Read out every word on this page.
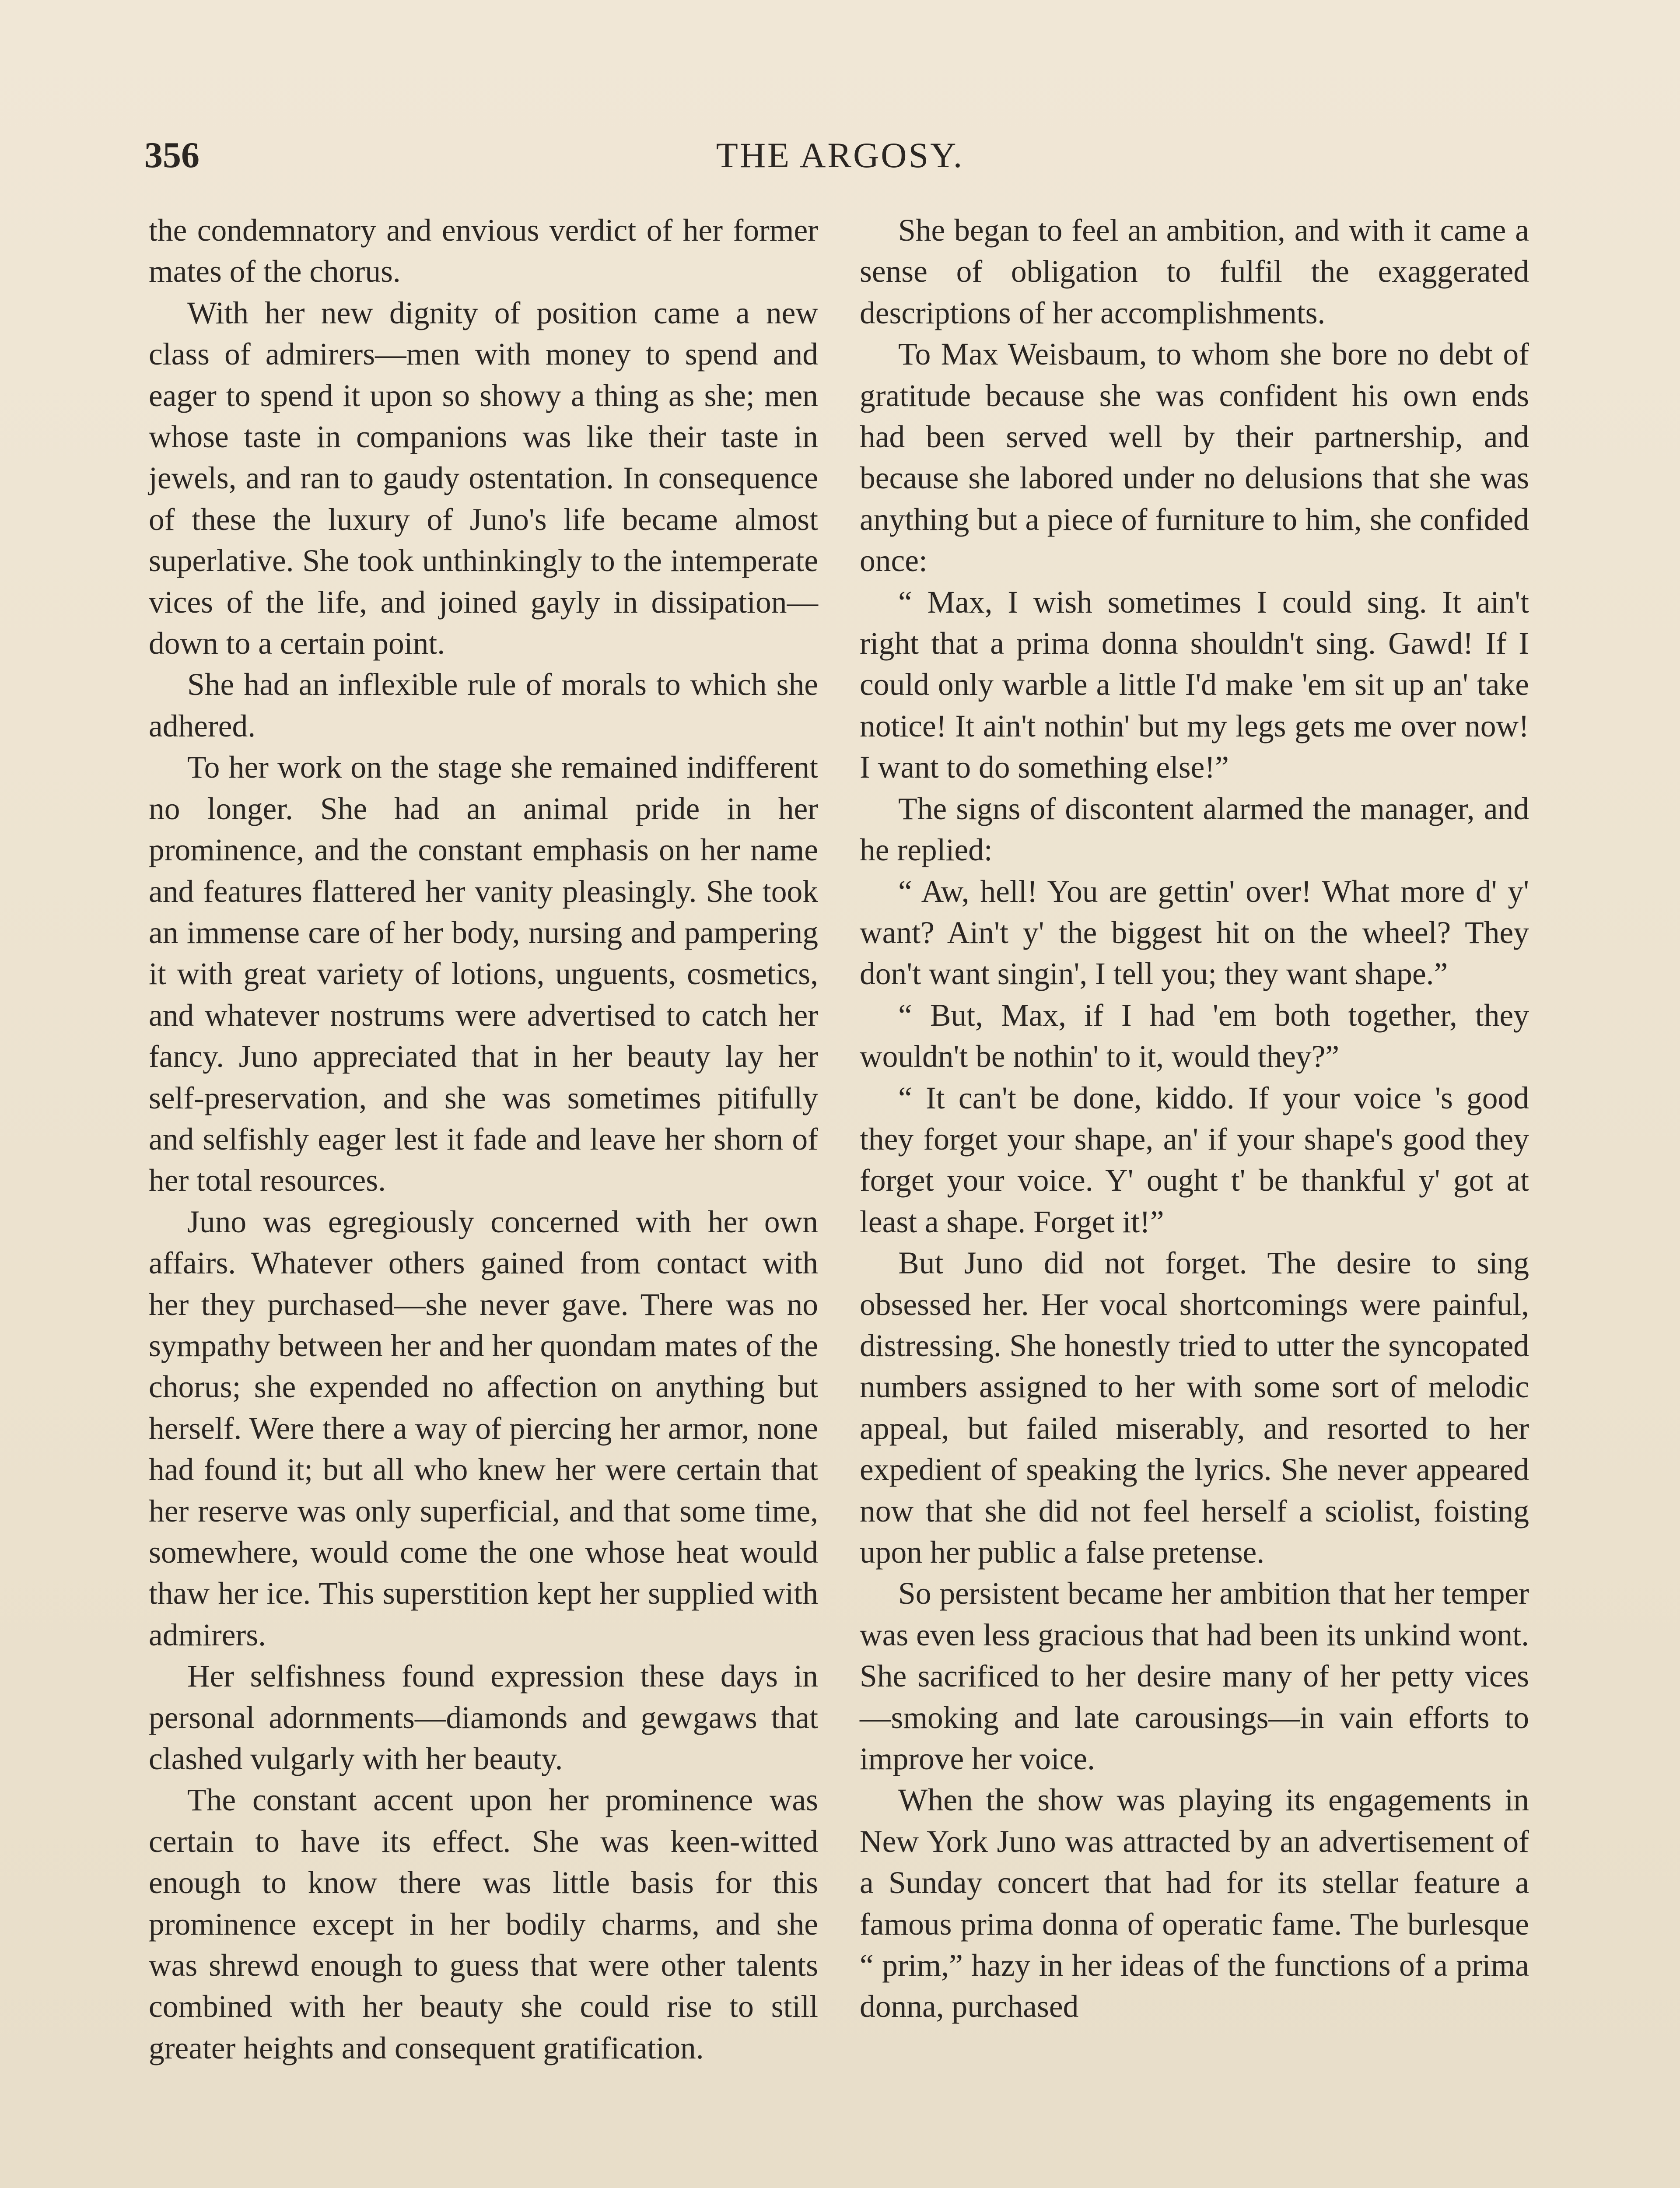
356	THE ARGOSY.

the condemnatory and envious verdict of her former mates of the chorus.

With her new dignity of position came a new class of admirers—men with money to spend and eager to spend it upon so showy a thing as she; men whose taste in companions was like their taste in jewels, and ran to gaudy ostentation. In consequence of these the luxury of Juno's life became almost superlative. She took unthinkingly to the intemperate vices of the life, and joined gayly in dissipation—down to a certain point.

She had an inflexible rule of morals to which she adhered.

To her work on the stage she remained indifferent no longer. She had an animal pride in her prominence, and the constant emphasis on her name and features flattered her vanity pleasingly. She took an immense care of her body, nursing and pampering it with great variety of lotions, unguents, cosmetics, and whatever nostrums were advertised to catch her fancy. Juno appreciated that in her beauty lay her self-preservation, and she was sometimes pitifully and selfishly eager lest it fade and leave her shorn of her total resources.

Juno was egregiously concerned with her own affairs. Whatever others gained from contact with her they purchased—she never gave. There was no sympathy between her and her quondam mates of the chorus; she expended no affection on anything but herself. Were there a way of piercing her armor, none had found it; but all who knew her were certain that her reserve was only superficial, and that some time, somewhere, would come the one whose heat would thaw her ice. This superstition kept her supplied with admirers.

Her selfishness found expression these days in personal adornments—diamonds and gewgaws that clashed vulgarly with her beauty.

The constant accent upon her prominence was certain to have its effect. She was keen-witted enough to know there was little basis for this prominence except in her bodily charms, and she was shrewd enough to guess that were other talents combined with her beauty she could rise to still greater heights and consequent gratification.

She began to feel an ambition, and with it came a sense of obligation to fulfil the exaggerated descriptions of her accomplishments.

To Max Weisbaum, to whom she bore no debt of gratitude because she was confident his own ends had been served well by their partnership, and because she labored under no delusions that she was anything but a piece of furniture to him, she confided once:

“ Max, I wish sometimes I could sing. It ain't right that a prima donna shouldn't sing. Gawd! If I could only warble a little I'd make 'em sit up an' take notice! It ain't nothin' but my legs gets me over now! I want to do something else!”

The signs of discontent alarmed the manager, and he replied:

“ Aw, hell! You are gettin' over! What more d' y' want? Ain't y' the biggest hit on the wheel? They don't want singin', I tell you; they want shape.”

“ But, Max, if I had 'em both together, they wouldn't be nothin' to it, would they?”

“ It can't be done, kiddo. If your voice 's good they forget your shape, an' if your shape's good they forget your voice. Y' ought t' be thankful y' got at least a shape. Forget it!”

But Juno did not forget. The desire to sing obsessed her. Her vocal shortcomings were painful, distressing. She honestly tried to utter the syncopated numbers assigned to her with some sort of melodic appeal, but failed miserably, and resorted to her expedient of speaking the lyrics. She never appeared now that she did not feel herself a sciolist, foisting upon her public a false pretense.

So persistent became her ambition that her temper was even less gracious that had been its unkind wont. She sacrificed to her desire many of her petty vices—smoking and late carousings—in vain efforts to improve her voice.

When the show was playing its engagements in New York Juno was attracted by an advertisement of a Sunday concert that had for its stellar feature a famous prima donna of operatic fame. The burlesque “ prim,” hazy in her ideas of the functions of a prima donna, purchased
